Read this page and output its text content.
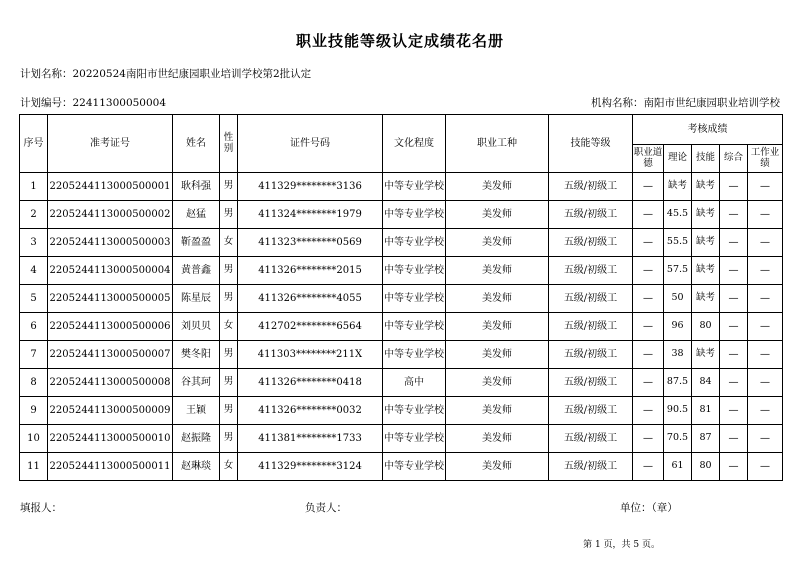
职业技能等级认定成绩花名册
计划名称：20220524南阳市世纪康园职业培训学校第2批认定
计划编号：22411300050004	机构名称：南阳市世纪康园职业培训学校
序号	准考证号	姓名	性别	证件号码	文化程度	职业工种	技能等级	考核成绩				
								职业道德	理论	技能	综合	工作业绩
1	2205244113000500001	耿科强	男	411329********3136	中等专业学校	美发师	五级/初级工	—	缺考	缺考	—	—
2	2205244113000500002	赵猛	男	411324********1979	中等专业学校	美发师	五级/初级工	—	45.5	缺考	—	—
3	2205244113000500003	靳盈盈	女	411323********0569	中等专业学校	美发师	五级/初级工	—	55.5	缺考	—	—
4	2205244113000500004	黄普鑫	男	411326********2015	中等专业学校	美发师	五级/初级工	—	57.5	缺考	—	—
5	2205244113000500005	陈星辰	男	411326********4055	中等专业学校	美发师	五级/初级工	—	50	缺考	—	—
6	2205244113000500006	刘贝贝	女	412702********6564	中等专业学校	美发师	五级/初级工	—	96	80	—	—
7	2205244113000500007	樊冬阳	男	411303********211X	中等专业学校	美发师	五级/初级工	—	38	缺考	—	—
8	2205244113000500008	谷其珂	男	411326********0418	高中	美发师	五级/初级工	—	87.5	84	—	—
9	2205244113000500009	王颖	男	411326********0032	中等专业学校	美发师	五级/初级工	—	90.5	81	—	—
10	2205244113000500010	赵振隆	男	411381********1733	中等专业学校	美发师	五级/初级工	—	70.5	87	—	—
11	2205244113000500011	赵琳琰	女	411329********3124	中等专业学校	美发师	五级/初级工	—	61	80	—	—
填报人：	负责人：	单位：（章）
第 1 页，共 5 页。
